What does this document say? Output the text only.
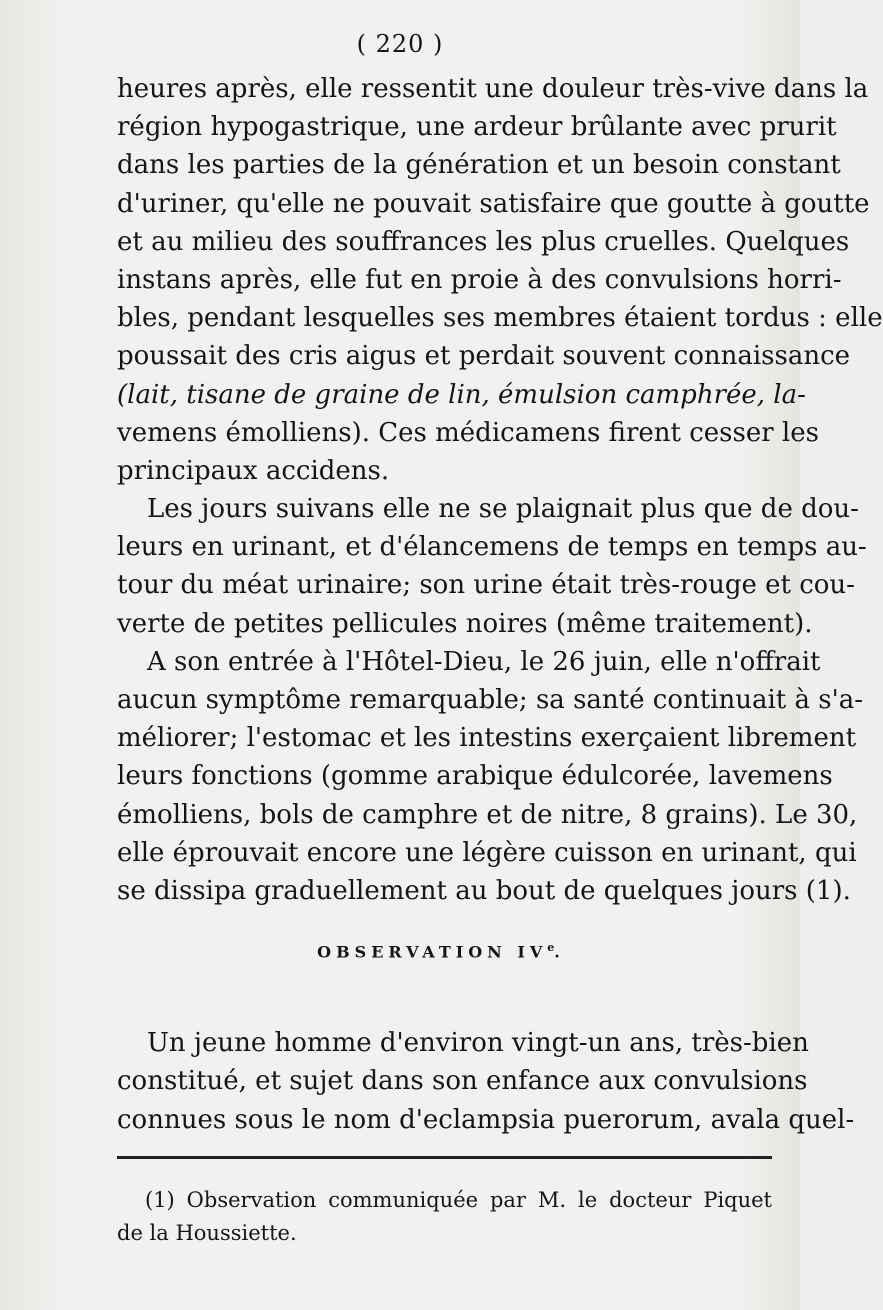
( 220 )
heures après, elle ressentit une douleur très-vive dans la
région hypogastrique, une ardeur brûlante avec prurit
dans les parties de la génération et un besoin constant
d'uriner, qu'elle ne pouvait satisfaire que goutte à goutte
et au milieu des souffrances les plus cruelles. Quelques
instans après, elle fut en proie à des convulsions horri-
bles, pendant lesquelles ses membres étaient tordus : elle
poussait des cris aigus et perdait souvent connaissance
(lait, tisane de graine de lin, émulsion camphrée, la-
vemens émolliens). Ces médicamens firent cesser les
principaux accidens.
Les jours suivans elle ne se plaignait plus que de dou-
leurs en urinant, et d'élancemens de temps en temps au-
tour du méat urinaire; son urine était très-rouge et cou-
verte de petites pellicules noires (même traitement).
A son entrée à l'Hôtel-Dieu, le 26 juin, elle n'offrait
aucun symptôme remarquable; sa santé continuait à s'a-
méliorer; l'estomac et les intestins exerçaient librement
leurs fonctions (gomme arabique édulcorée, lavemens
émolliens, bols de camphre et de nitre, 8 grains). Le 30,
elle éprouvait encore une légère cuisson en urinant, qui
se dissipa graduellement au bout de quelques jours (1).
OBSERVATION IVe.
Un jeune homme d'environ vingt-un ans, très-bien
constitué, et sujet dans son enfance aux convulsions
connues sous le nom d'eclampsia puerorum, avala quel-
(1) Observation communiquée par M. le docteur Piquet
de la Houssiette.
